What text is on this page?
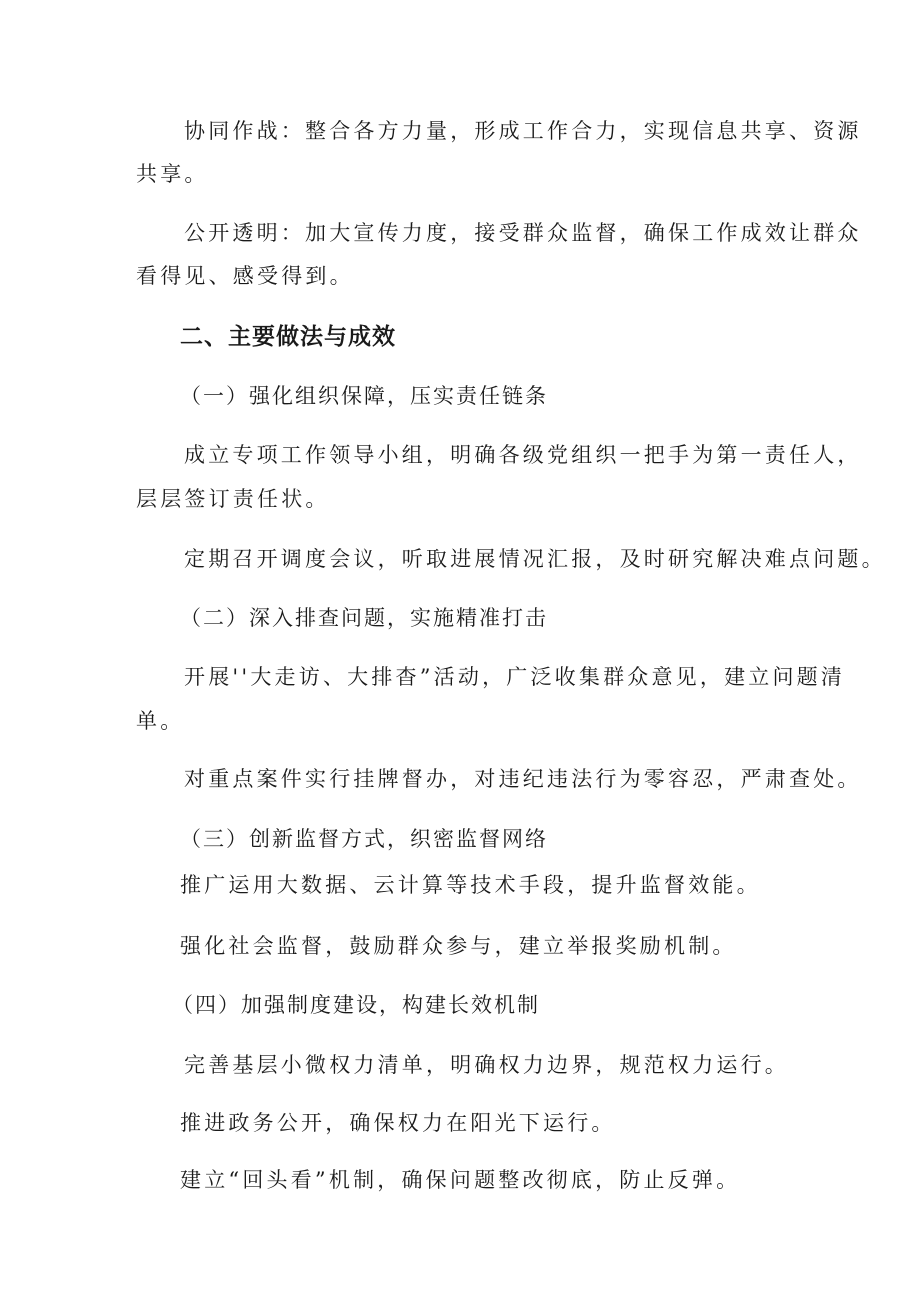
协同作战：整合各方力量，形成工作合力，实现信息共享、资源
共享。
公开透明：加大宣传力度，接受群众监督，确保工作成效让群众
看得见、感受得到。
二、主要做法与成效
（一）强化组织保障，压实责任链条
成立专项工作领导小组，明确各级党组织一把手为第一责任人，
层层签订责任状。
定期召开调度会议，听取进展情况汇报，及时研究解决难点问题。
（二）深入排查问题，实施精准打击
开展''大走访、大排杳”活动，广泛收集群众意见，建立问题清
单。
对重点案件实行挂牌督办，对违纪违法行为零容忍，严肃查处。
（三）创新监督方式，织密监督网络
推广运用大数据、云计算等技术手段，提升监督效能。
强化社会监督，鼓励群众参与，建立举报奖励机制。
（四）加强制度建设，构建长效机制
完善基层小微权力清单，明确权力边界，规范权力运行。
推进政务公开，确保权力在阳光下运行。
建立“回头看”机制，确保问题整改彻底，防止反弹。
